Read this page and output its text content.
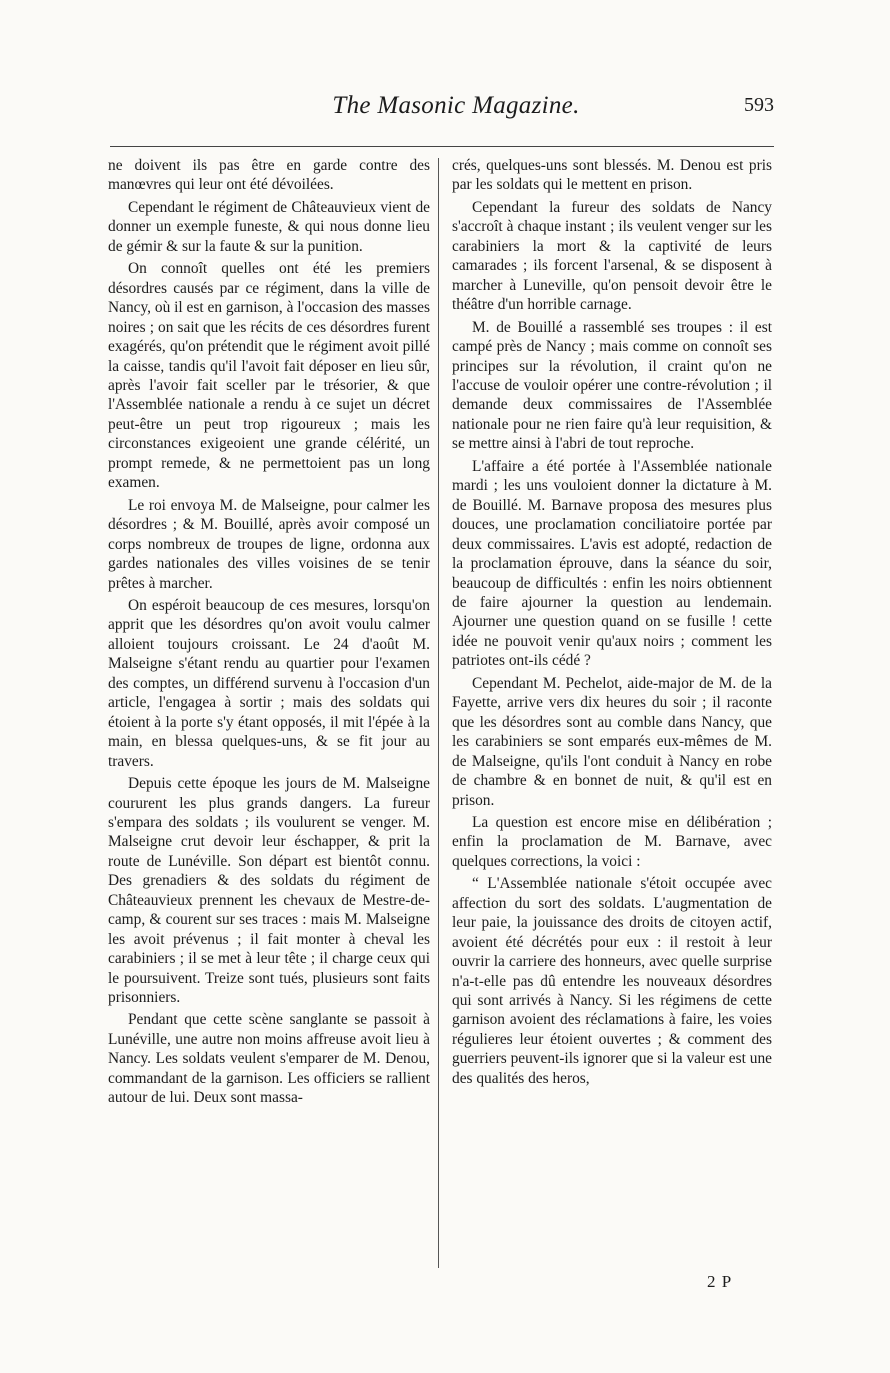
The Masonic Magazine.	593

ne doivent ils pas être en garde contre des manœvres qui leur ont été dévoilées.

Cependant le régiment de Châteauvieux vient de donner un exemple funeste, & qui nous donne lieu de gémir & sur la faute & sur la punition.

On connoît quelles ont été les premiers désordres causés par ce régiment, dans la ville de Nancy, où il est en garnison, à l'occasion des masses noires ; on sait que les récits de ces désordres furent exagérés, qu'on prétendit que le régiment avoit pillé la caisse, tandis qu'il l'avoit fait déposer en lieu sûr, après l'avoir fait sceller par le trésorier, & que l'Assemblée nationale a rendu à ce sujet un décret peut-être un peut trop rigoureux ; mais les circonstances exigeoient une grande célérité, un prompt remede, & ne permettoient pas un long examen.

Le roi envoya M. de Malseigne, pour calmer les désordres ; & M. Bouillé, après avoir composé un corps nombreux de troupes de ligne, ordonna aux gardes nationales des villes voisines de se tenir prêtes à marcher.

On espéroit beaucoup de ces mesures, lorsqu'on apprit que les désordres qu'on avoit voulu calmer alloient toujours croissant. Le 24 d'août M. Malseigne s'étant rendu au quartier pour l'examen des comptes, un différend survenu à l'occasion d'un article, l'engagea à sortir ; mais des soldats qui étoient à la porte s'y étant opposés, il mit l'épée à la main, en blessa quelques-uns, & se fit jour au travers.

Depuis cette époque les jours de M. Malseigne coururent les plus grands dangers. La fureur s'empara des soldats ; ils voulurent se venger. M. Malseigne crut devoir leur éschapper, & prit la route de Lunéville. Son départ est bientôt connu. Des grenadiers & des soldats du régiment de Châteauvieux prennent les chevaux de Mestre-de-camp, & courent sur ses traces : mais M. Malseigne les avoit prévenus ; il fait monter à cheval les carabiniers ; il se met à leur tête ; il charge ceux qui le poursuivent. Treize sont tués, plusieurs sont faits prisonniers.

Pendant que cette scène sanglante se passoit à Lunéville, une autre non moins affreuse avoit lieu à Nancy. Les soldats veulent s'emparer de M. Denou, commandant de la garnison. Les officiers se rallient autour de lui. Deux sont massa-

crés, quelques-uns sont blessés. M. Denou est pris par les soldats qui le mettent en prison.

Cependant la fureur des soldats de Nancy s'accroît à chaque instant ; ils veulent venger sur les carabiniers la mort & la captivité de leurs camarades ; ils forcent l'arsenal, & se disposent à marcher à Luneville, qu'on pensoit devoir être le théâtre d'un horrible carnage.

M. de Bouillé a rassemblé ses troupes : il est campé près de Nancy ; mais comme on connoît ses principes sur la révolution, il craint qu'on ne l'accuse de vouloir opérer une contre-révolution ; il demande deux commissaires de l'Assemblée nationale pour ne rien faire qu'à leur requisition, & se mettre ainsi à l'abri de tout reproche.

L'affaire a été portée à l'Assemblée nationale mardi ; les uns vouloient donner la dictature à M. de Bouillé. M. Barnave proposa des mesures plus douces, une proclamation conciliatoire portée par deux commissaires. L'avis est adopté, redaction de la proclamation éprouve, dans la séance du soir, beaucoup de difficultés : enfin les noirs obtiennent de faire ajourner la question au lendemain. Ajourner une question quand on se fusille ! cette idée ne pouvoit venir qu'aux noirs ; comment les patriotes ont-ils cédé ?

Cependant M. Pechelot, aide-major de M. de la Fayette, arrive vers dix heures du soir ; il raconte que les désordres sont au comble dans Nancy, que les carabiniers se sont emparés eux-mêmes de M. de Malseigne, qu'ils l'ont conduit à Nancy en robe de chambre & en bonnet de nuit, & qu'il est en prison.

La question est encore mise en délibération ; enfin la proclamation de M. Barnave, avec quelques corrections, la voici :

“ L'Assemblée nationale s'étoit occupée avec affection du sort des soldats. L'augmentation de leur paie, la jouissance des droits de citoyen actif, avoient été décrétés pour eux : il restoit à leur ouvrir la carriere des honneurs, avec quelle surprise n'a-t-elle pas dû entendre les nouveaux désordres qui sont arrivés à Nancy. Si les régimens de cette garnison avoient des réclamations à faire, les voies régulieres leur étoient ouvertes ; & comment des guerriers peuvent-ils ignorer que si la valeur est une des qualités des heros,

2 P
